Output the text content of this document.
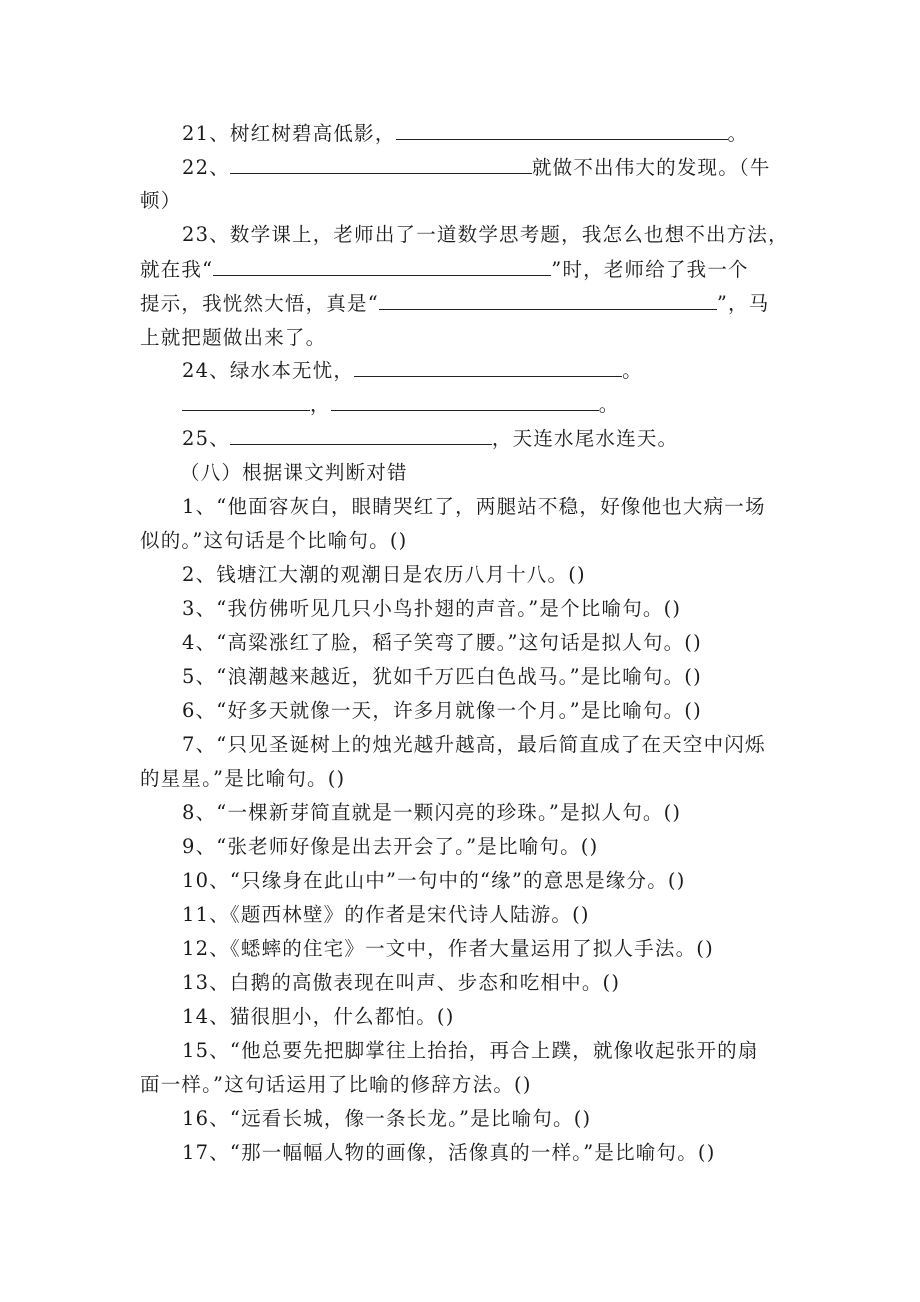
21、树红树碧高低影，	。
22、	就做不出伟大的发现。（牛
顿）
23、数学课上，老师出了一道数学思考题，我怎么也想不出方法，
就在我“	”时，老师给了我一个
提示，我恍然大悟，真是“	”，马
上就把题做出来了。
24、绿水本无忧，	。
，	。
25、	，天连水尾水连天。
（八）根据课文判断对错
1、“他面容灰白，眼睛哭红了，两腿站不稳，好像他也大病一场
似的。”这句话是个比喻句。()
2、钱塘江大潮的观潮日是农历八月十八。()
3、“我仿佛听见几只小鸟扑翅的声音。”是个比喻句。()
4、“高粱涨红了脸，稻子笑弯了腰。”这句话是拟人句。()
5、“浪潮越来越近，犹如千万匹白色战马。”是比喻句。()
6、“好多天就像一天，许多月就像一个月。”是比喻句。()
7、“只见圣诞树上的烛光越升越高，最后简直成了在天空中闪烁
的星星。”是比喻句。()
8、“一棵新芽简直就是一颗闪亮的珍珠。”是拟人句。()
9、“张老师好像是出去开会了。”是比喻句。()
10、“只缘身在此山中”一句中的“缘”的意思是缘分。()
11、《题西林壁》的作者是宋代诗人陆游。()
12、《蟋蟀的住宅》一文中，作者大量运用了拟人手法。()
13、白鹅的高傲表现在叫声、步态和吃相中。()
14、猫很胆小，什么都怕。()
15、“他总要先把脚掌往上抬抬，再合上蹼，就像收起张开的扇
面一样。”这句话运用了比喻的修辞方法。()
16、“远看长城，像一条长龙。”是比喻句。()
17、“那一幅幅人物的画像，活像真的一样。”是比喻句。()
